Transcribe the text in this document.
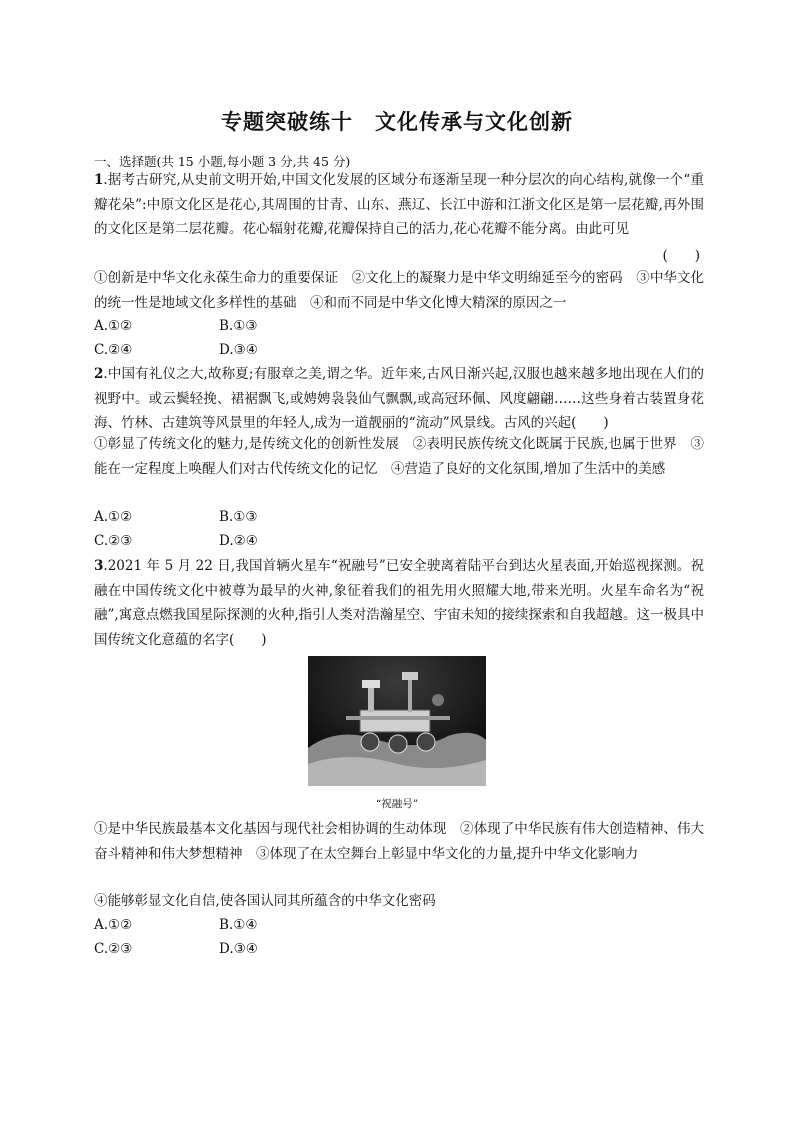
专题突破练十　文化传承与文化创新
一、选择题(共 15 小题,每小题 3 分,共 45 分)
1.据考古研究,从史前文明开始,中国文化发展的区域分布逐渐呈现一种分层次的向心结构,就像一个“重瓣花朵”:中原文化区是花心,其周围的甘青、山东、燕辽、长江中游和江浙文化区是第一层花瓣,再外围的文化区是第二层花瓣。花心辐射花瓣,花瓣保持自己的活力,花心花瓣不能分离。由此可见
(　　)
①创新是中华文化永葆生命力的重要保证　②文化上的凝聚力是中华文明绵延至今的密码　③中华文化的统一性是地域文化多样性的基础　④和而不同是中华文化博大精深的原因之一
A.①②	B.①③
C.②④	D.③④
2.中国有礼仪之大,故称夏;有服章之美,谓之华。近年来,古风日渐兴起,汉服也越来越多地出现在人们的视野中。或云鬓轻挽、裙裾飘飞,或娉娉袅袅仙气飘飘,或高冠环佩、风度翩翩……这些身着古装置身花海、竹林、古建筑等风景里的年轻人,成为一道靓丽的“流动”风景线。古风的兴起(　　)
①彰显了传统文化的魅力,是传统文化的创新性发展　②表明民族传统文化既属于民族,也属于世界　③能在一定程度上唤醒人们对古代传统文化的记忆　④营造了良好的文化氛围,增加了生活中的美感
A.①②	B.①③
C.②③	D.②④
3.2021 年 5 月 22 日,我国首辆火星车“祝融号”已安全驶离着陆平台到达火星表面,开始巡视探测。祝融在中国传统文化中被尊为最早的火神,象征着我们的祖先用火照耀大地,带来光明。火星车命名为“祝融”,寓意点燃我国星际探测的火种,指引人类对浩瀚星空、宇宙未知的接续探索和自我超越。这一极具中国传统文化意蕴的名字(　　)
“祝融号”
①是中华民族最基本文化基因与现代社会相协调的生动体现　②体现了中华民族有伟大创造精神、伟大奋斗精神和伟大梦想精神　③体现了在太空舞台上彰显中华文化的力量,提升中华文化影响力
④能够彰显文化自信,使各国认同其所蕴含的中华文化密码
A.①②	B.①④
C.②③	D.③④
